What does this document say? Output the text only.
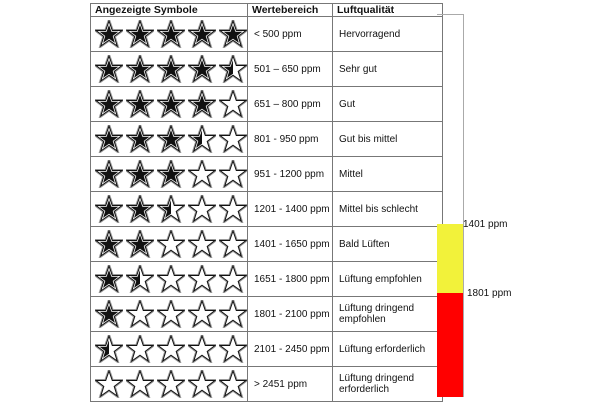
Angezeigte Symbole	Wertebereich	Luftqualität

	< 500 ppm	Hervorragend

	501 – 650 ppm	Sehr gut

	651 – 800 ppm	Gut

	801 - 950 ppm	Gut bis mittel

	951 - 1200 ppm	Mittel

	1201 - 1400 ppm	Mittel bis schlecht

	1401 - 1650 ppm	Bald Lüften

	1651 - 1800 ppm	Lüftung empfohlen

	1801 - 2100 ppm	Lüftung dringend empfohlen

	2101 - 2450 ppm	Lüftung erforderlich

	> 2451 ppm	Lüftung dringend erforderlich
1401 ppm
1801 ppm
